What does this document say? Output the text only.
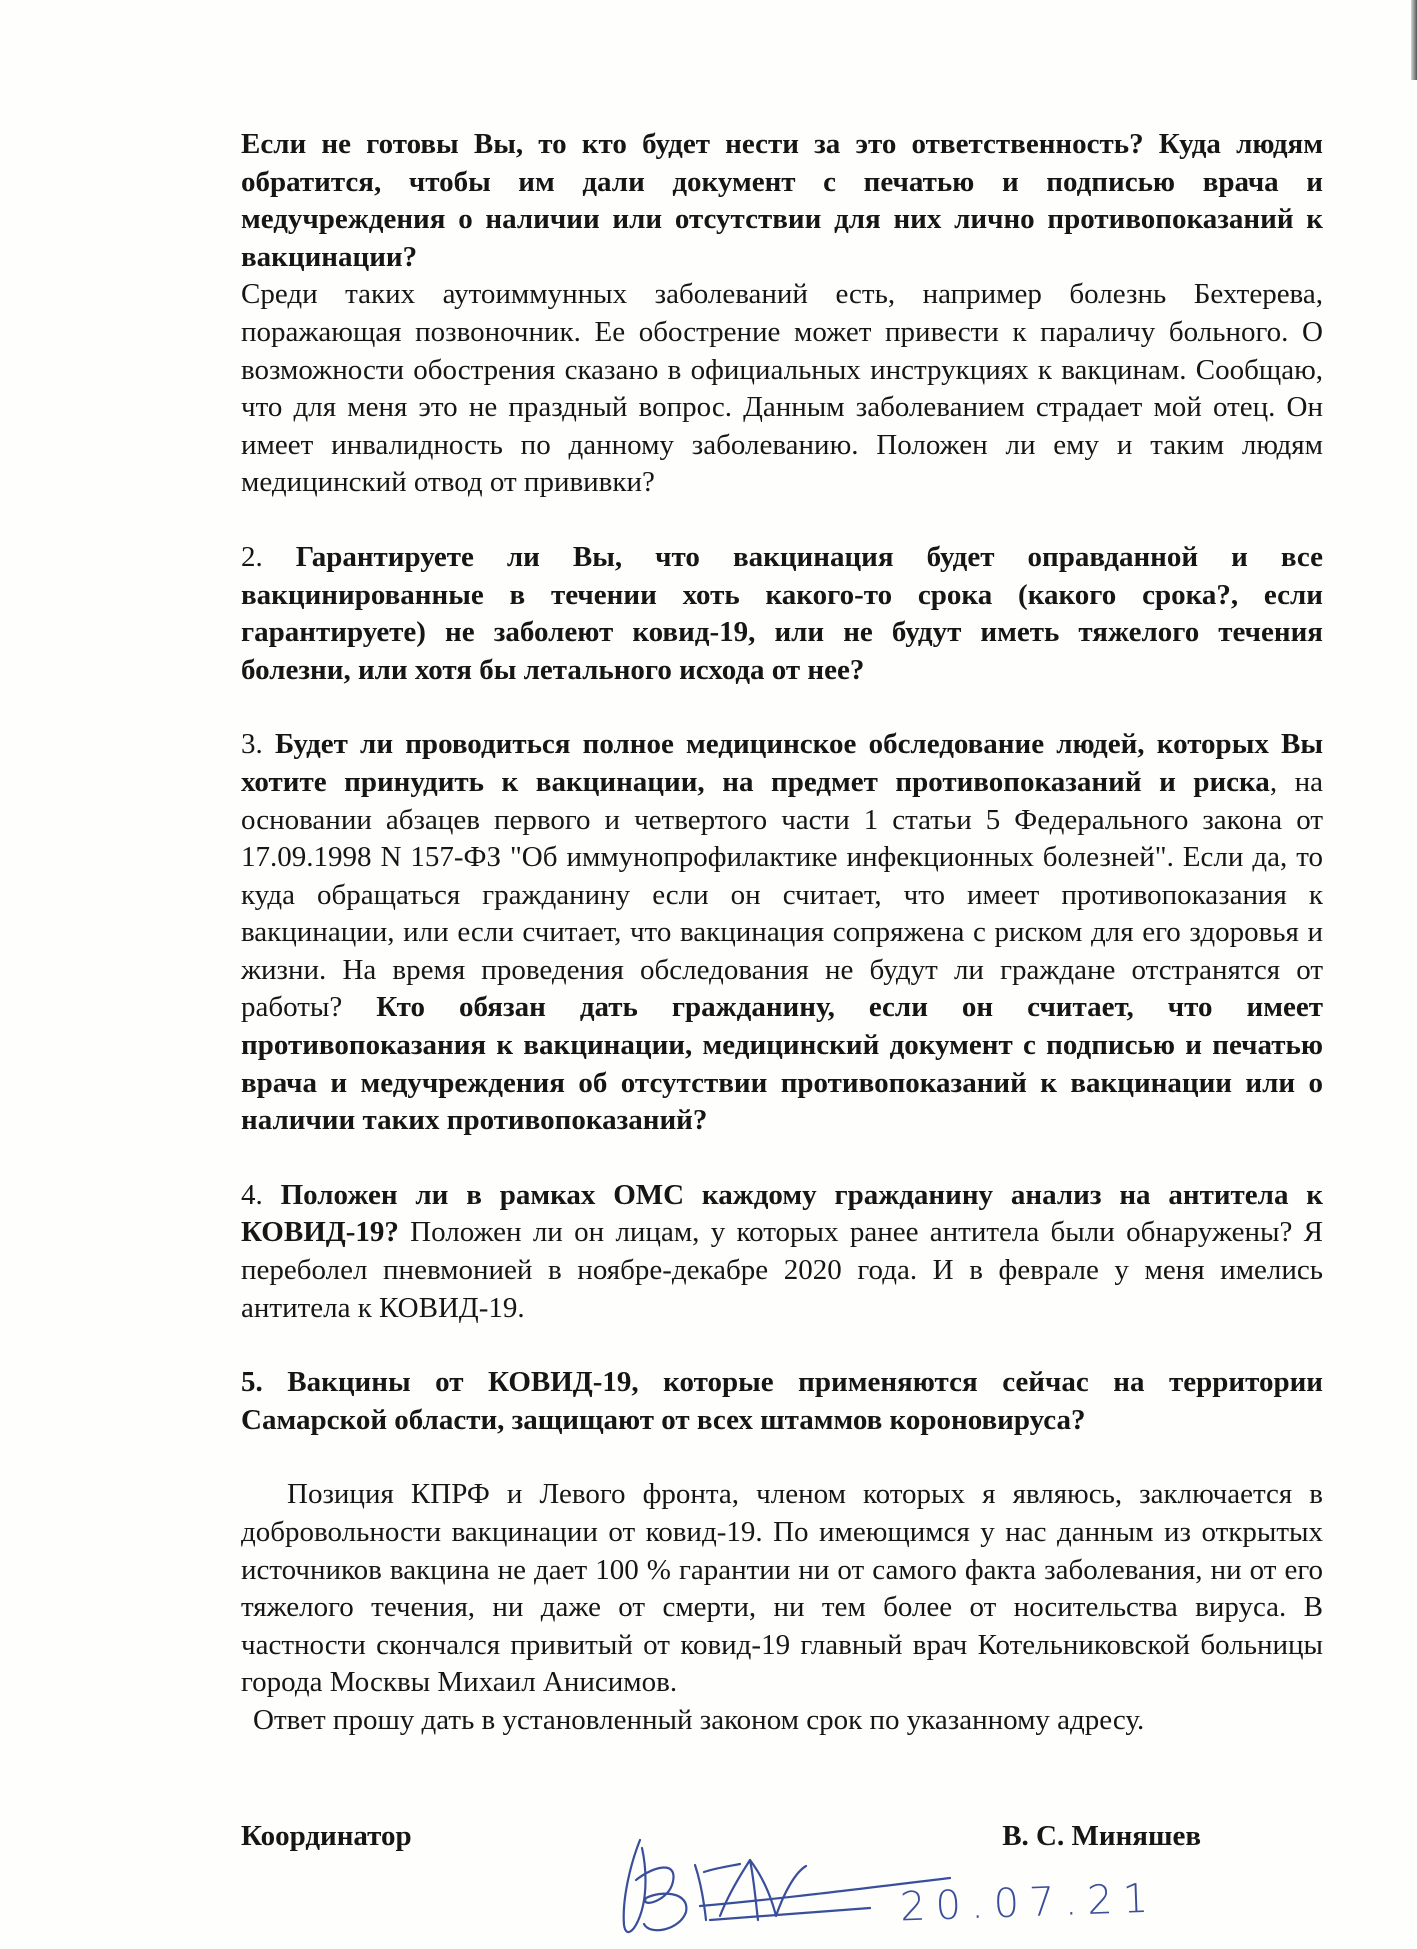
Если не готовы Вы, то кто будет нести за это ответственность? Куда людям обратится, чтобы им дали документ с печатью и подписью врача и медучреждения о наличии или отсутствии для них лично противопоказаний к вакцинации?

Среди таких аутоиммунных заболеваний есть, например болезнь Бехтерева, поражающая позвоночник. Ее обострение может привести к параличу больного. О возможности обострения сказано в официальных инструкциях к вакцинам. Сообщаю, что для меня это не праздный вопрос. Данным заболеванием страдает мой отец. Он имеет инвалидность по данному заболеванию. Положен ли ему и таким людям медицинский отвод от прививки?

2. Гарантируете ли Вы, что вакцинация будет оправданной и все вакцинированные в течении хоть какого-то срока (какого срока?, если гарантируете) не заболеют ковид-19, или не будут иметь тяжелого течения болезни, или хотя бы летального исхода от нее?

3. Будет ли проводиться полное медицинское обследование людей, которых Вы хотите принудить к вакцинации, на предмет противопоказаний и риска, на основании абзацев первого и четвертого части 1 статьи 5 Федерального закона от 17.09.1998 N 157-ФЗ "Об иммунопрофилактике инфекционных болезней". Если да, то куда обращаться гражданину если он считает, что имеет противопоказания к вакцинации, или если считает, что вакцинация сопряжена с риском для его здоровья и жизни. На время проведения обследования не будут ли граждане отстранятся от работы? Кто обязан дать гражданину, если он считает, что имеет противопоказания к вакцинации, медицинский документ с подписью и печатью врача и медучреждения об отсутствии противопоказаний к вакцинации или о наличии таких противопоказаний?

4. Положен ли в рамках ОМС каждому гражданину анализ на антитела к КОВИД-19? Положен ли он лицам, у которых ранее антитела были обнаружены? Я переболел пневмонией в ноябре-декабре 2020 года. И в феврале у меня имелись антитела к КОВИД-19.

5. Вакцины от КОВИД-19, которые применяются сейчас на территории Самарской области, защищают от всех штаммов короновируса?

Позиция КПРФ и Левого фронта, членом которых я являюсь, заключается в добровольности вакцинации от ковид-19. По имеющимся у нас данным из открытых источников вакцина не дает 100 % гарантии ни от самого факта заболевания, ни от его тяжелого течения, ни даже от смерти, ни тем более от носительства вируса. В частности скончался привитый от ковид-19 главный врач Котельниковской больницы города Москвы Михаил Анисимов.

Ответ прошу дать в установленный законом срок по указанному адресу.

Координатор	В. С. Миняшев
20.07.21
